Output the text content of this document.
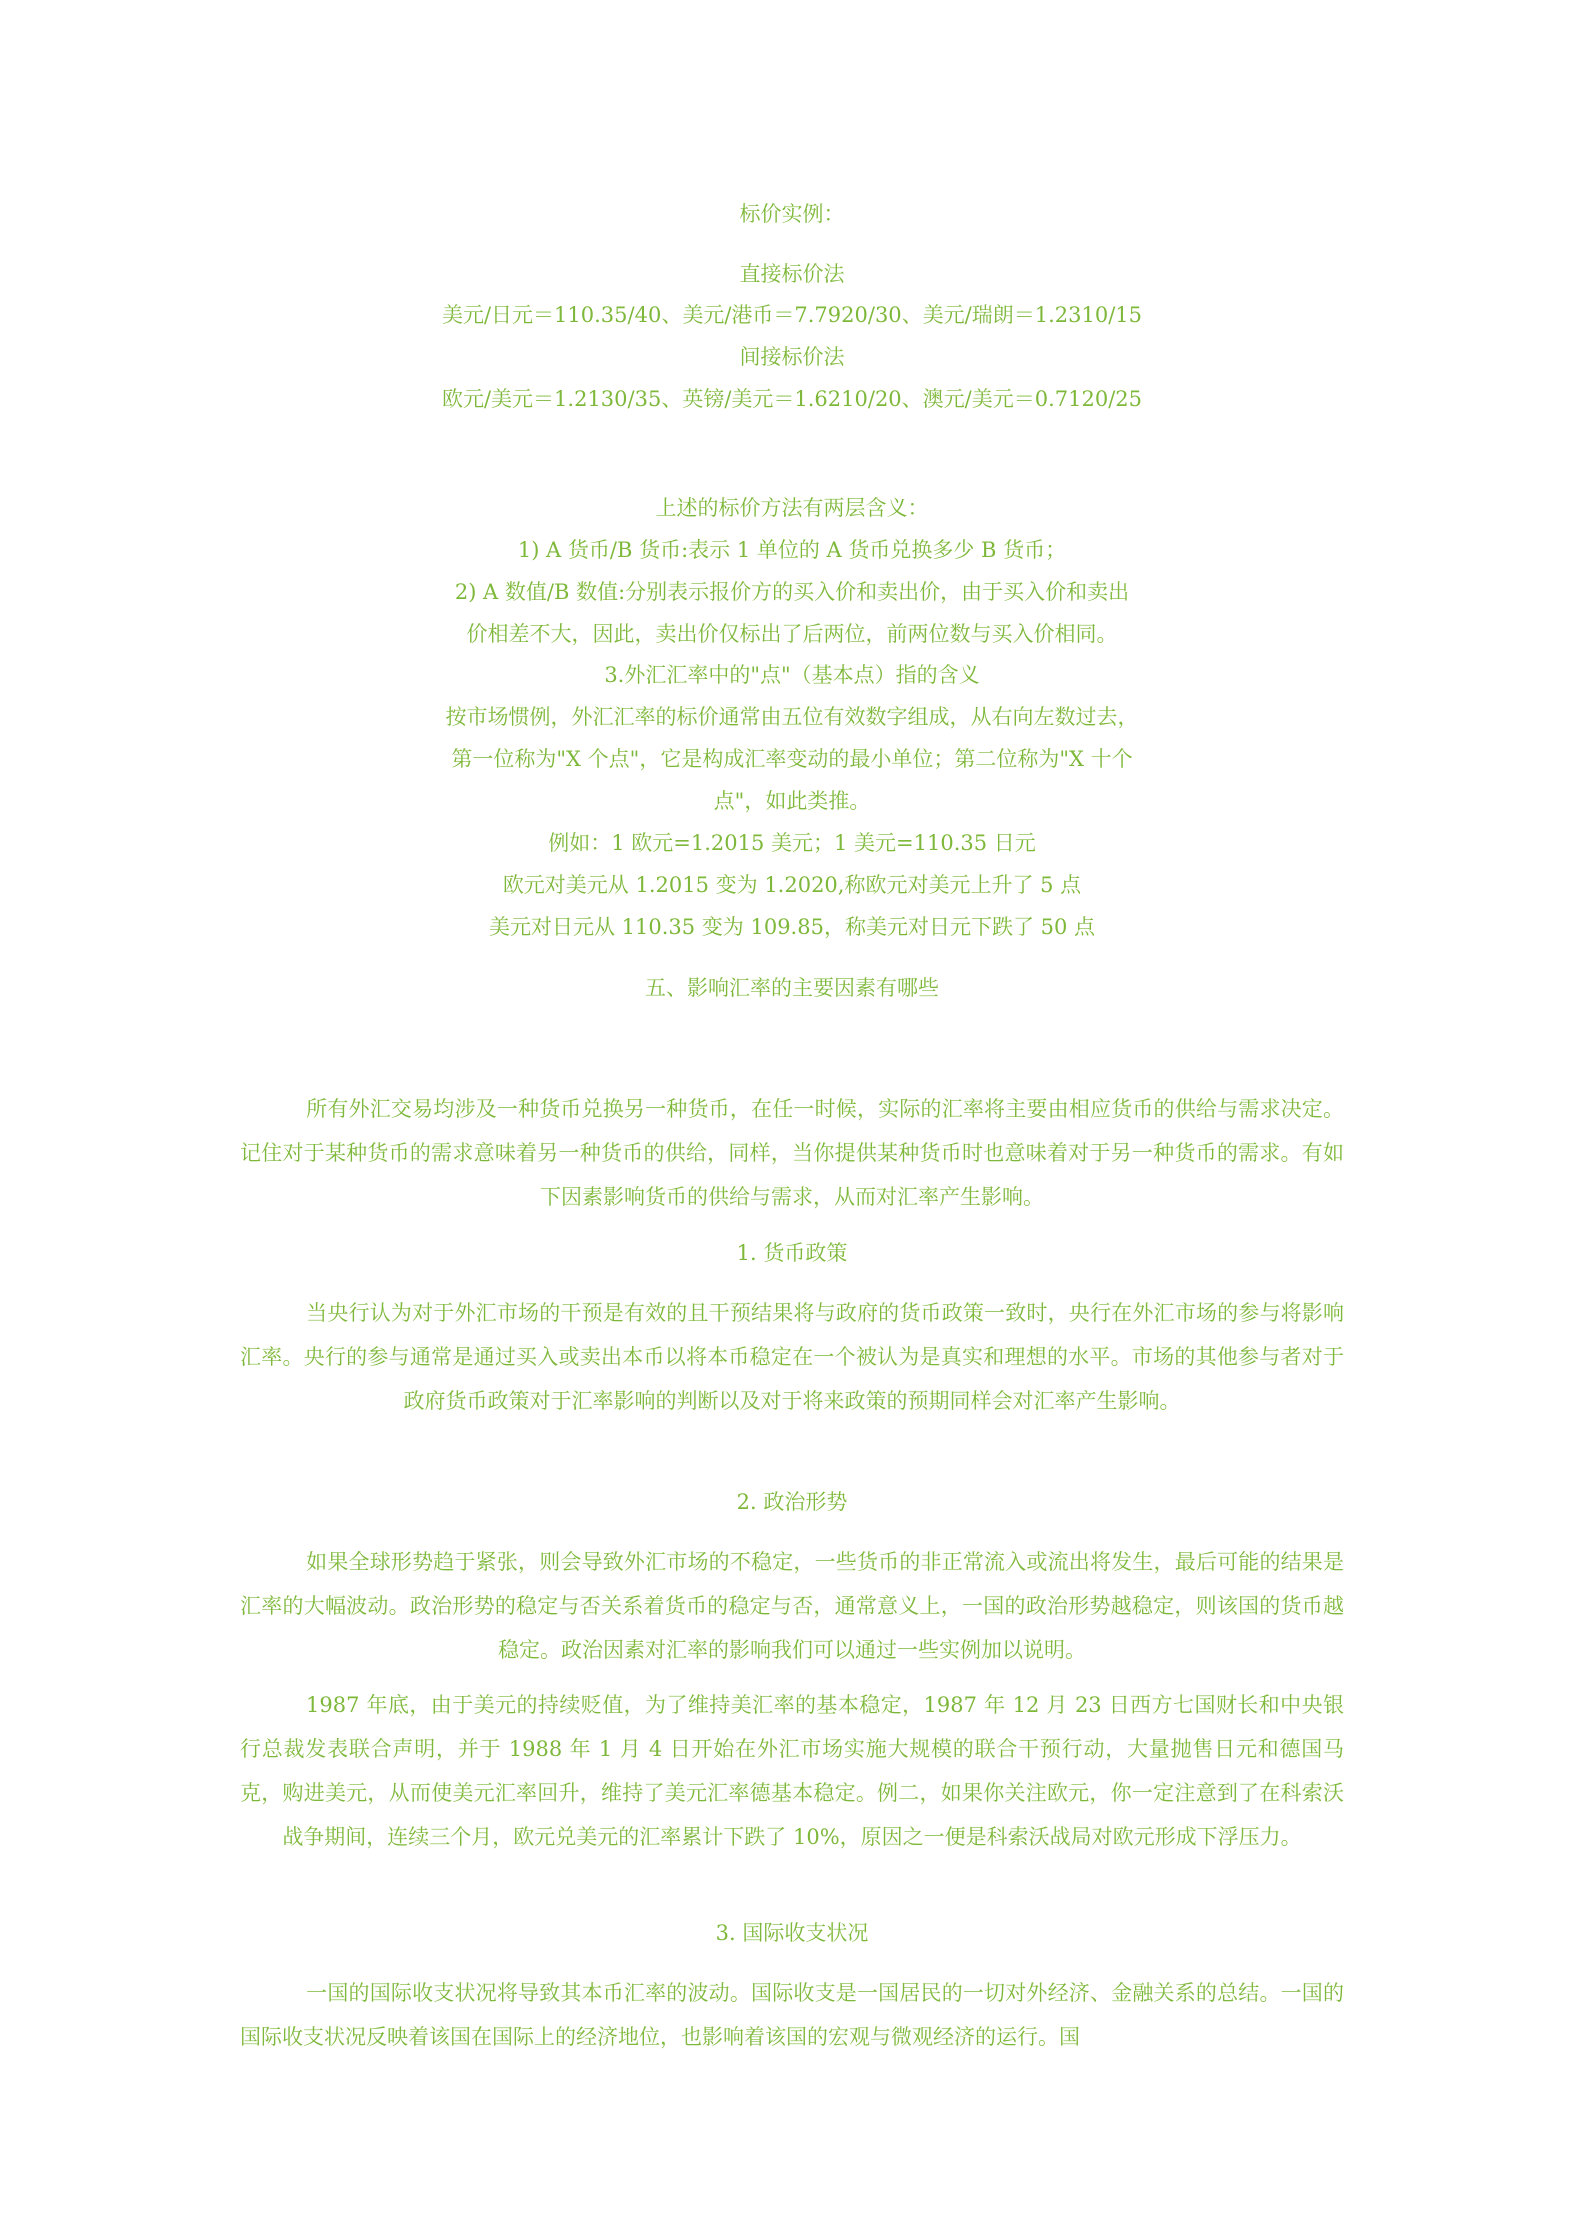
标价实例：

直接标价法

美元/日元＝110.35/40、美元/港币＝7.7920/30、美元/瑞朗＝1.2310/15

间接标价法

欧元/美元＝1.2130/35、英镑/美元＝1.6210/20、澳元/美元＝0.7120/25

上述的标价方法有两层含义：

1) A 货币/B 货币:表示 1 单位的 A 货币兑换多少 B 货币；

2) A 数值/B 数值:分别表示报价方的买入价和卖出价，由于买入价和卖出

价相差不大，因此，卖出价仅标出了后两位，前两位数与买入价相同。

3.外汇汇率中的"点"（基本点）指的含义

按市场惯例，外汇汇率的标价通常由五位有效数字组成，从右向左数过去，

第一位称为"X 个点"，它是构成汇率变动的最小单位；第二位称为"X 十个

点"，如此类推。

例如：1 欧元=1.2015 美元；1 美元=110.35 日元

欧元对美元从 1.2015 变为 1.2020,称欧元对美元上升了 5 点

美元对日元从 110.35 变为 109.85，称美元对日元下跌了 50 点

五、影响汇率的主要因素有哪些

所有外汇交易均涉及一种货币兑换另一种货币，在任一时候，实际的汇率将主要由相应货币的供给与需求决定。记住对于某种货币的需求意味着另一种货币的供给，同样，当你提供某种货币时也意味着对于另一种货币的需求。有如下因素影响货币的供给与需求，从而对汇率产生影响。

1. 货币政策

当央行认为对于外汇市场的干预是有效的且干预结果将与政府的货币政策一致时，央行在外汇市场的参与将影响汇率。央行的参与通常是通过买入或卖出本币以将本币稳定在一个被认为是真实和理想的水平。市场的其他参与者对于政府货币政策对于汇率影响的判断以及对于将来政策的预期同样会对汇率产生影响。

2. 政治形势

如果全球形势趋于紧张，则会导致外汇市场的不稳定，一些货币的非正常流入或流出将发生，最后可能的结果是汇率的大幅波动。政治形势的稳定与否关系着货币的稳定与否，通常意义上，一国的政治形势越稳定，则该国的货币越稳定。政治因素对汇率的影响我们可以通过一些实例加以说明。

1987 年底，由于美元的持续贬值，为了维持美汇率的基本稳定，1987 年 12 月 23 日西方七国财长和中央银行总裁发表联合声明，并于 1988 年 1 月 4 日开始在外汇市场实施大规模的联合干预行动，大量抛售日元和德国马克，购进美元，从而使美元汇率回升，维持了美元汇率德基本稳定。例二，如果你关注欧元，你一定注意到了在科索沃战争期间，连续三个月，欧元兑美元的汇率累计下跌了 10%，原因之一便是科索沃战局对欧元形成下浮压力。

3. 国际收支状况

一国的国际收支状况将导致其本币汇率的波动。国际收支是一国居民的一切对外经济、金融关系的总结。一国的国际收支状况反映着该国在国际上的经济地位，也影响着该国的宏观与微观经济的运行。国
